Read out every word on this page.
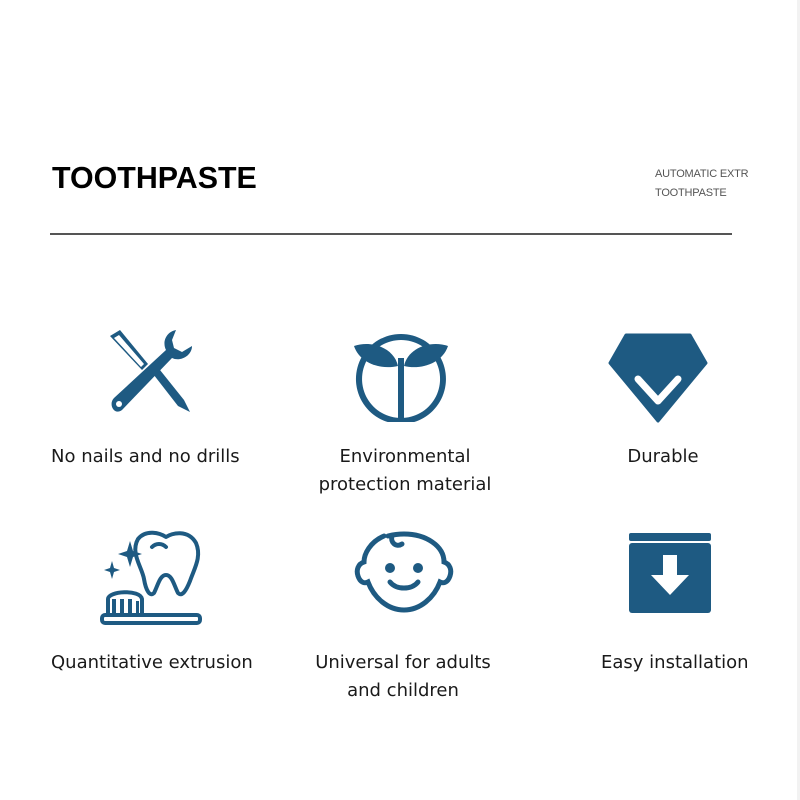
TOOTHPASTE	AUTOMATIC EXTR
TOOTHPASTE
No nails and no drills	Environmental
protection material
Durable
Quantitative extrusion	Universal for adults
and children
Easy installation
